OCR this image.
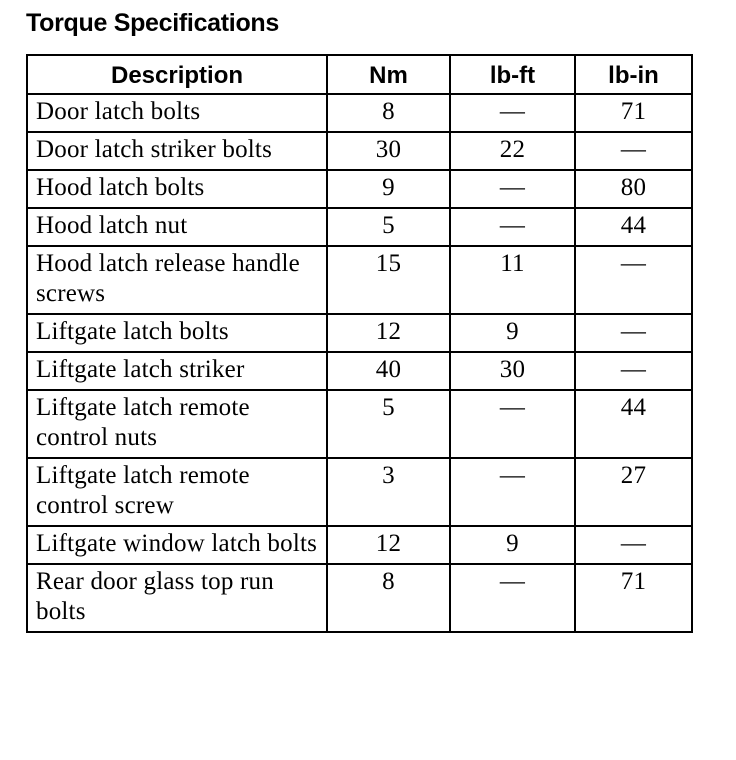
Torque Specifications
Description	Nm	lb-ft	lb-in
Door latch bolts	8	—	71
Door latch striker bolts	30	22	—
Hood latch bolts	9	—	80
Hood latch nut	5	—	44
Hood latch release handle screws	15	11	—
Liftgate latch bolts	12	9	—
Liftgate latch striker	40	30	—
Liftgate latch remote control nuts	5	—	44
Liftgate latch remote control screw	3	—	27
Liftgate window latch bolts	12	9	—
Rear door glass top run bolts	8	—	71
